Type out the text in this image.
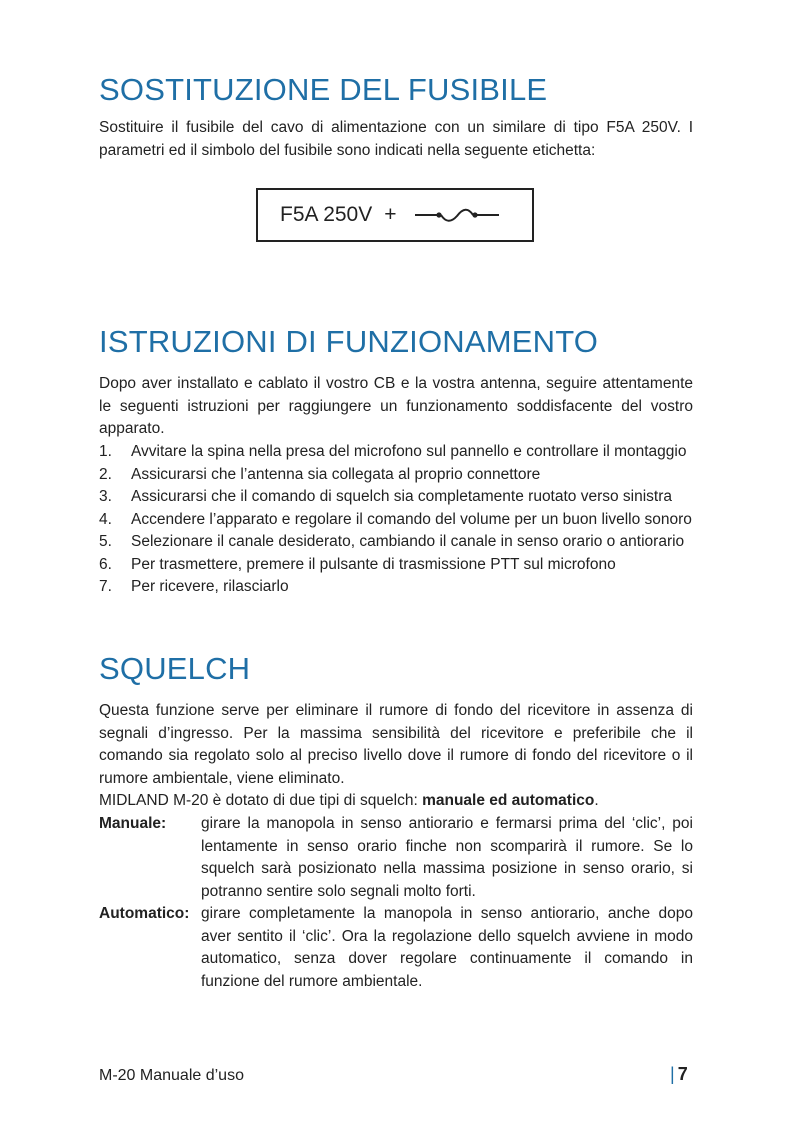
SOSTITUZIONE DEL FUSIBILE

Sostituire il fusibile del cavo di alimentazione con un similare di tipo F5A 250V. I parametri ed il simbolo del fusibile sono indicati nella seguente etichetta:

F5A 250V +
ISTRUZIONI DI FUNZIONAMENTO

Dopo aver installato e cablato il vostro CB e la vostra antenna, seguire attentamente le seguenti istruzioni per raggiungere un funzionamento soddisfacente del vostro apparato.

1.	Avvitare la spina nella presa del microfono sul pannello e controllare il montaggio
2.	Assicurarsi che l’antenna sia collegata al proprio connettore
3.	Assicurarsi che il comando di squelch sia completamente ruotato verso sinistra
4.	Accendere l’apparato e regolare il comando del volume per un buon livello sonoro
5.	Selezionare il canale desiderato, cambiando il canale in senso orario o antiorario
6.	Per trasmettere, premere il pulsante di trasmissione PTT sul microfono
7.	Per ricevere, rilasciarlo
SQUELCH

Questa funzione serve per eliminare il rumore di fondo del ricevitore in assenza di segnali d’ingresso. Per la massima sensibilità del ricevitore e preferibile che il comando sia regolato solo al preciso livello dove il rumore di fondo del ricevitore o il rumore ambientale, viene eliminato.

MIDLAND M-20 è dotato di due tipi di squelch: manuale ed automatico.
Manuale:	girare la manopola in senso antiorario e fermarsi prima del ‘clic’, poi lentamente in senso orario finche non scomparirà il rumore. Se lo squelch sarà posizionato nella massima posizione in senso orario, si potranno sentire solo segnali molto forti.
Automatico: girare completamente la manopola in senso antiorario, anche dopo aver sentito il ‘clic’. Ora la regolazione dello squelch avviene in modo automatico, senza dover regolare continuamente il comando in funzione del rumore ambientale.
M-20 Manuale d’uso	| 7
